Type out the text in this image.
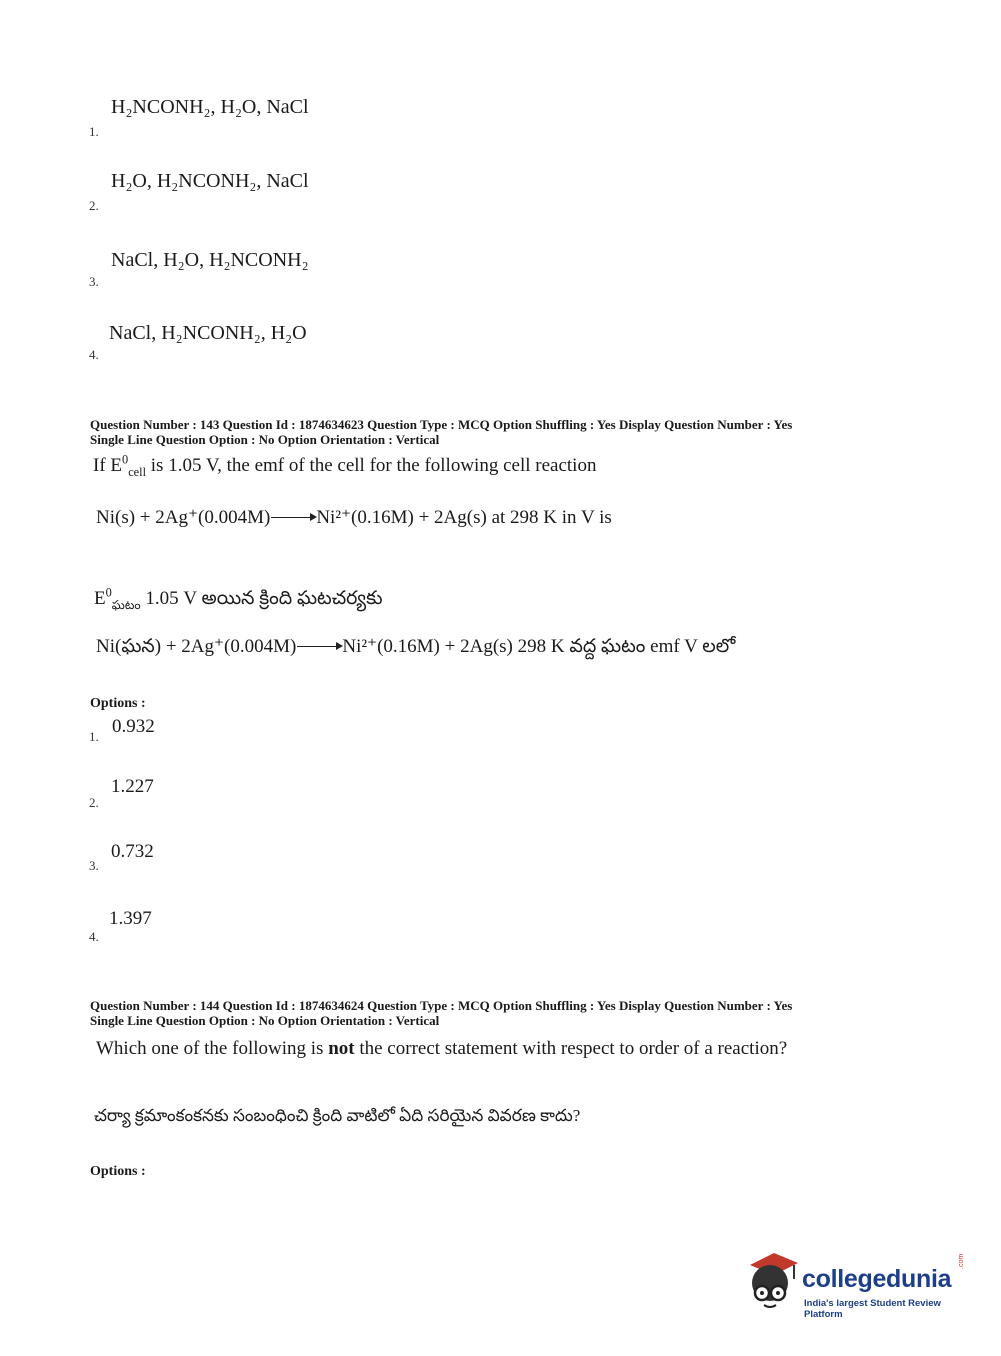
H₂NCONH₂, H₂O, NaCl
1.
H₂O, H₂NCONH₂, NaCl
2.
NaCl, H₂O, H₂NCONH₂
3.
NaCl, H₂NCONH₂, H₂O
4.
Question Number : 143 Question Id : 1874634623 Question Type : MCQ Option Shuffling : Yes Display Question Number : Yes
Single Line Question Option : No Option Orientation : Vertical
If $E^0_{cell}$ is 1.05 V, the emf of the cell for the following cell reaction
Ni(s) + 2Ag⁺(0.004M)→Ni²⁺(0.16M) + 2Ag(s) at 298 K in V is
$E^0_{ఘటం}$ 1.05 V అయిన క్రింది ఘటచర్యకు
Ni(ఘన) + 2Ag⁺(0.004M)→Ni²⁺(0.16M) + 2Ag(s) 298 K వద్ద ఘటం emf V లలో
Options :
0.932
1.
1.227
2.
0.732
3.
1.397
4.
Question Number : 144 Question Id : 1874634624 Question Type : MCQ Option Shuffling : Yes Display Question Number : Yes
Single Line Question Option : No Option Orientation : Vertical
Which one of the following is not the correct statement with respect to order of a reaction?
చర్యా క్రమాంకంకనకు సంబంధించి క్రింది వాటిలో ఏది సరియైన వివరణ కాదు?
Options :
collegedunia
India's largest Student Review Platform
.com
